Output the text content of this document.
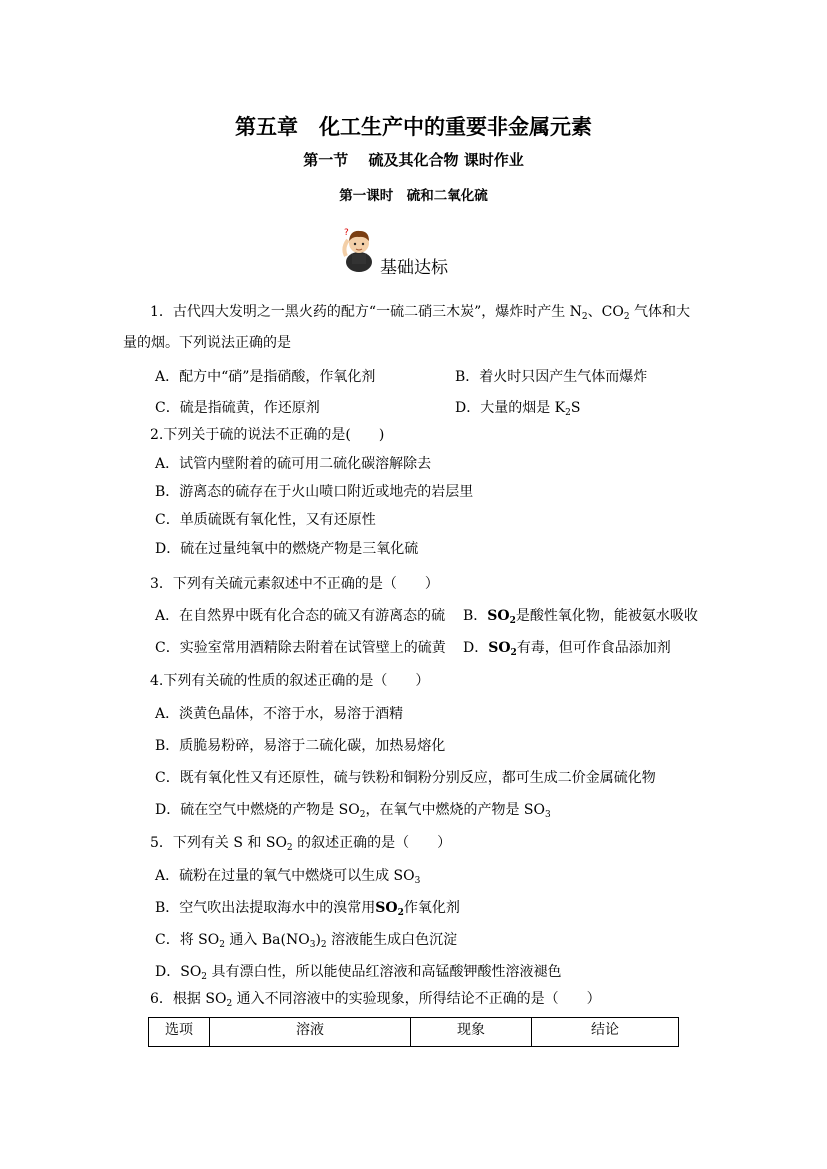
第五章　化工生产中的重要非金属元素
第一节　 硫及其化合物 课时作业
第一课时　硫和二氧化硫
?
基础达标
1．古代四大发明之一黑火药的配方“一硫二硝三木炭”，爆炸时产生 $N_2$、$CO_2$ 气体和大
量的烟。下列说法正确的是
A．配方中“硝”是指硝酸，作氧化剂	B．着火时只因产生气体而爆炸
C．硫是指硫黄，作还原剂	D．大量的烟是 $K_2S$
2.下列关于硫的说法不正确的是(　　)
A．试管内壁附着的硫可用二硫化碳溶解除去
B．游离态的硫存在于火山喷口附近或地壳的岩层里
C．单质硫既有氧化性，又有还原性
D．硫在过量纯氧中的燃烧产物是三氧化硫
3．下列有关硫元素叙述中不正确的是（　　）
A．在自然界中既有化合态的硫又有游离态的硫 B．$SO_2$是酸性氧化物，能被氨水吸收
C．实验室常用酒精除去附着在试管壁上的硫黄 D．$SO_2$有毒，但可作食品添加剂
4.下列有关硫的性质的叙述正确的是（　　）
A．淡黄色晶体，不溶于水，易溶于酒精
B．质脆易粉碎，易溶于二硫化碳，加热易熔化
C．既有氧化性又有还原性，硫与铁粉和铜粉分别反应，都可生成二价金属硫化物
D．硫在空气中燃烧的产物是 $SO_2$，在氧气中燃烧的产物是 $SO_3$
5．下列有关 S 和 $SO_2$ 的叙述正确的是（　　）
A．硫粉在过量的氧气中燃烧可以生成 $SO_3$
B．空气吹出法提取海水中的溴常用$SO_2$作氧化剂
C．将 $SO_2$ 通入 $Ba(NO_3)_2$ 溶液能生成白色沉淀
D．$SO_2$ 具有漂白性，所以能使品红溶液和高锰酸钾酸性溶液褪色
6．根据 $SO_2$ 通入不同溶液中的实验现象，所得结论不正确的是（　　）
选项	溶液	现象	结论
